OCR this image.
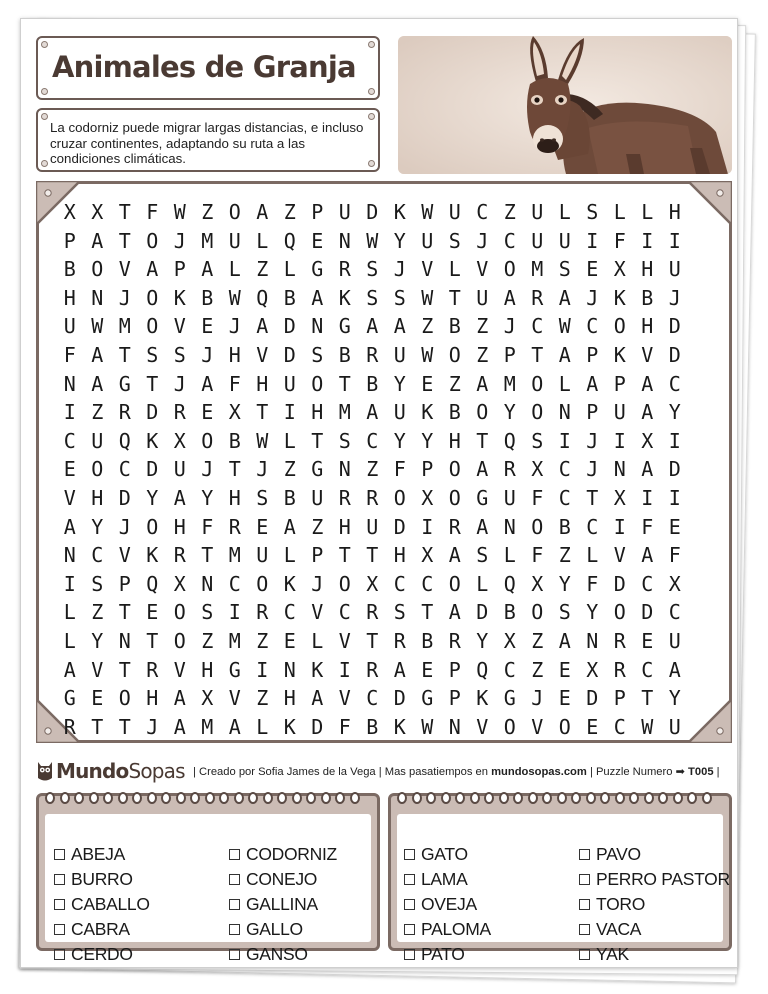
Animales de Granja

La codorniz puede migrar largas distancias, e incluso cruzar continentes, adaptando su ruta a las condiciones climáticas.

X X T F W Z O A Z P U D K W U C Z U L S L L H
P A T O J M U L Q E N W Y U S J C U U I F I I
B O V A P A L Z L G R S J V L V O M S E X H U
H N J O K B W Q B A K S S W T U A R A J K B J
U W M O V E J A D N G A A Z B Z J C W C O H D
F A T S S J H V D S B R U W O Z P T A P K V D
N A G T J A F H U O T B Y E Z A M O L A P A C
I Z R D R E X T I H M A U K B O Y O N P U A Y
C U Q K X O B W L T S C Y Y H T Q S I J I X I
E O C D U J T J Z G N Z F P O A R X C J N A D
V H D Y A Y H S B U R R O X O G U F C T X I I
A Y J O H F R E A Z H U D I R A N O B C I F E
N C V K R T M U L P T T H X A S L F Z L V A F
I S P Q X N C O K J O X C C O L Q X Y F D C X
L Z T E O S I R C V C R S T A D B O S Y O D C
L Y N T O Z M Z E L V T R B R Y X Z A N R E U
A V T R V H G I N K I R A E P Q C Z E X R C A
G E O H A X V Z H A V C D G P K G J E D P T Y
R T T J A M A L K D F B K W N V O V O E C W U
MundoSopas | Creado por Sofia James de la Vega | Mas pasatiempos en mundosopas.com | Puzzle Numero ➡ T005 |
ABEJA
BURRO
CABALLO
CABRA
CERDO
CODORNIZ
CONEJO
GALLINA
GALLO
GANSO
GATO
LAMA
OVEJA
PALOMA
PATO
PAVO
PERRO PASTOR
TORO
VACA
YAK
